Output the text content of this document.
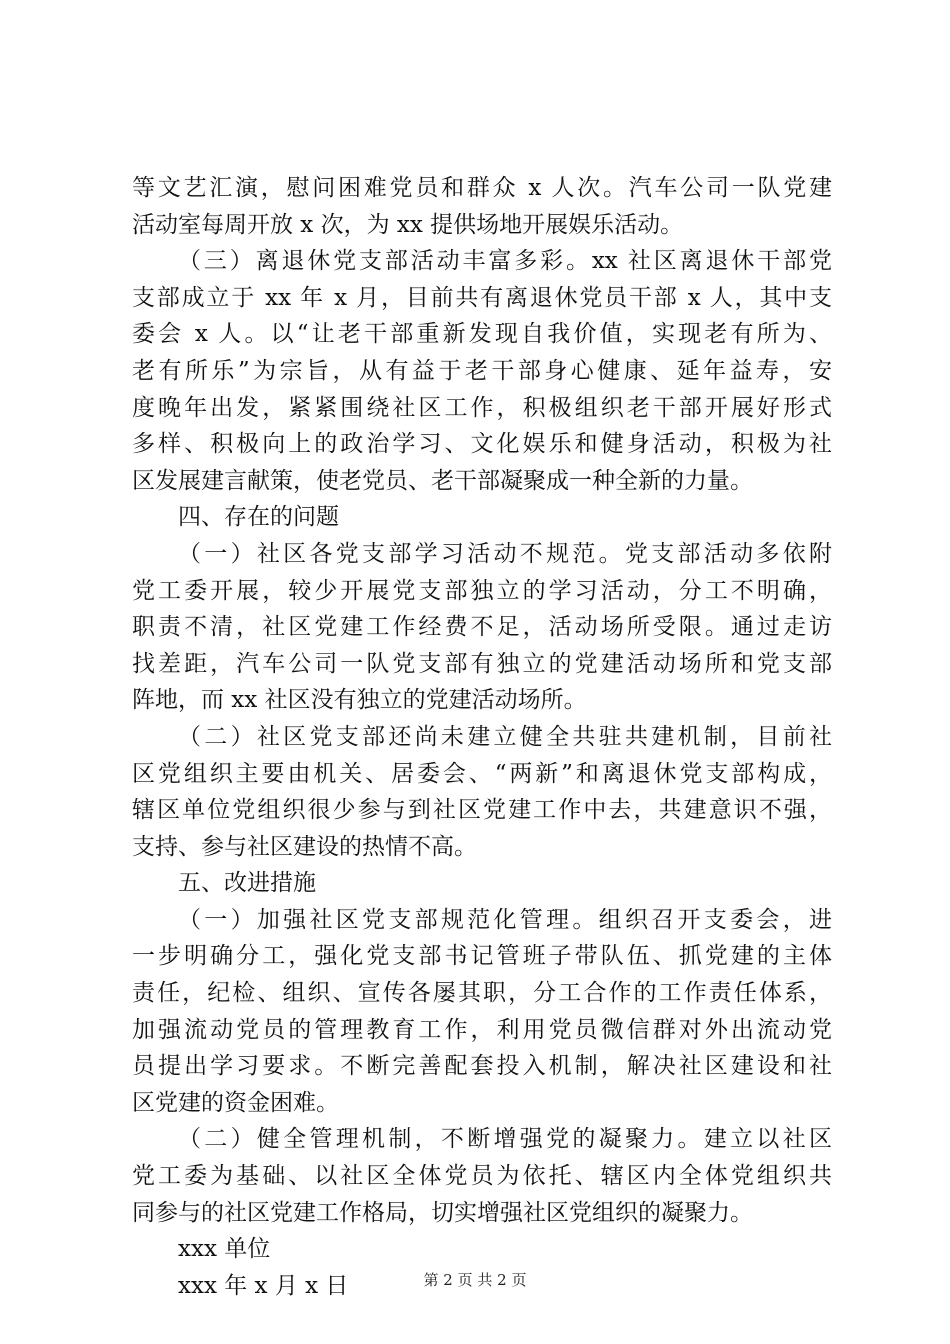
等文艺汇演，慰问困难党员和群众 x 人次。汽车公司一队党建
活动室每周开放 x 次，为 xx 提供场地开展娱乐活动。
（三）离退休党支部活动丰富多彩。xx 社区离退休干部党
支部成立于 xx 年 x 月，目前共有离退休党员干部 x 人，其中支
委会 x 人。以“让老干部重新发现自我价值，实现老有所为、
老有所乐”为宗旨，从有益于老干部身心健康、延年益寿，安
度晚年出发，紧紧围绕社区工作，积极组织老干部开展好形式
多样、积极向上的政治学习、文化娱乐和健身活动，积极为社
区发展建言献策，使老党员、老干部凝聚成一种全新的力量。
四、存在的问题
（一）社区各党支部学习活动不规范。党支部活动多依附
党工委开展，较少开展党支部独立的学习活动，分工不明确，
职责不清，社区党建工作经费不足，活动场所受限。通过走访
找差距，汽车公司一队党支部有独立的党建活动场所和党支部
阵地，而 xx 社区没有独立的党建活动场所。
（二）社区党支部还尚未建立健全共驻共建机制，目前社
区党组织主要由机关、居委会、“两新”和离退休党支部构成，
辖区单位党组织很少参与到社区党建工作中去，共建意识不强，
支持、参与社区建设的热情不高。
五、改进措施
（一）加强社区党支部规范化管理。组织召开支委会，进
一步明确分工，强化党支部书记管班子带队伍、抓党建的主体
责任，纪检、组织、宣传各屡其职，分工合作的工作责任体系，
加强流动党员的管理教育工作，利用党员微信群对外出流动党
员提出学习要求。不断完善配套投入机制，解决社区建设和社
区党建的资金困难。
（二）健全管理机制，不断增强党的凝聚力。建立以社区
党工委为基础、以社区全体党员为依托、辖区内全体党组织共
同参与的社区党建工作格局，切实增强社区党组织的凝聚力。
xxx 单位
xxx 年 x 月 x 日	第 2 页 共 2 页
